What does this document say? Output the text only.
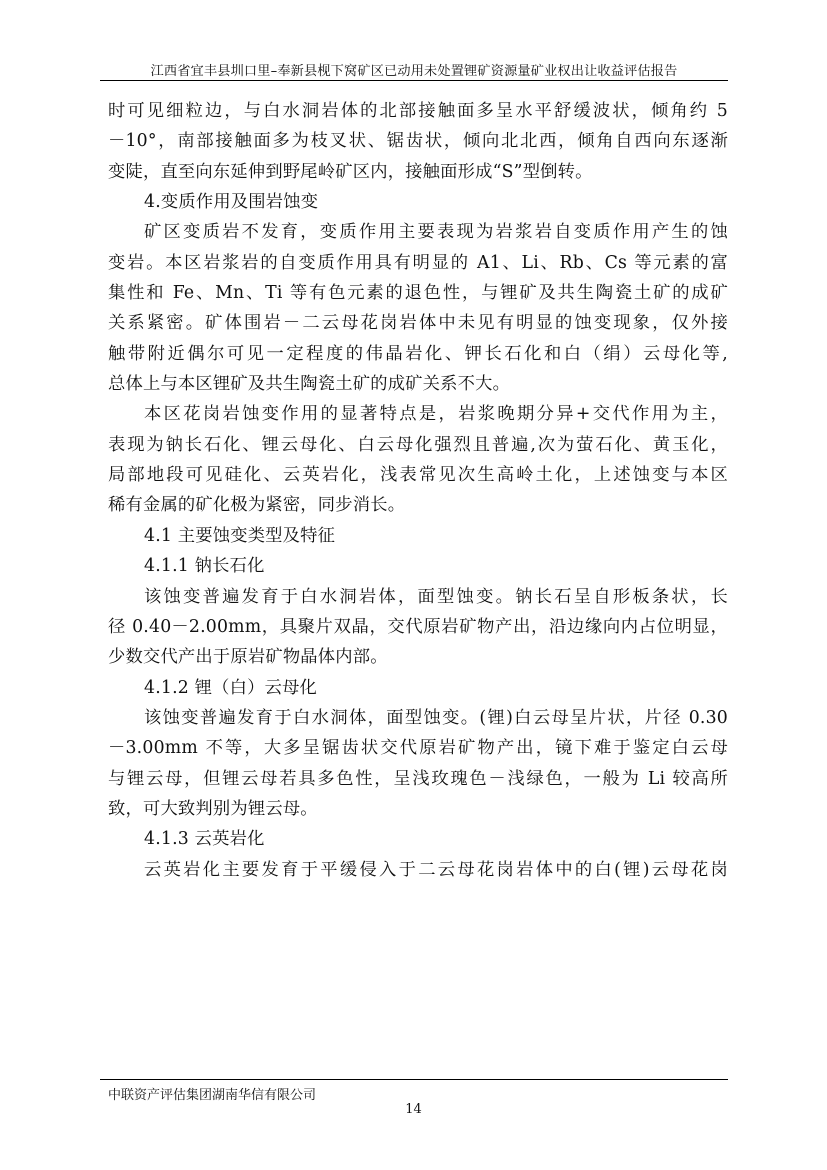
江西省宜丰县圳口里–奉新县枧下窝矿区已动用未处置锂矿资源量矿业权出让收益评估报告
时可见细粒边，与白水洞岩体的北部接触面多呈水平舒缓波状，倾角约 5
－10°，南部接触面多为枝叉状、锯齿状，倾向北北西，倾角自西向东逐渐
变陡，直至向东延伸到野尾岭矿区内，接触面形成“S”型倒转。
4.变质作用及围岩蚀变
矿区变质岩不发育，变质作用主要表现为岩浆岩自变质作用产生的蚀
变岩。本区岩浆岩的自变质作用具有明显的 A1、Li、Rb、Cs 等元素的富
集性和 Fe、Mn、Ti 等有色元素的退色性，与锂矿及共生陶瓷土矿的成矿
关系紧密。矿体围岩－二云母花岗岩体中未见有明显的蚀变现象，仅外接
触带附近偶尔可见一定程度的伟晶岩化、钾长石化和白（绢）云母化等,
总体上与本区锂矿及共生陶瓷土矿的成矿关系不大。
本区花岗岩蚀变作用的显著特点是，岩浆晚期分异+交代作用为主，
表现为钠长石化、锂云母化、白云母化强烈且普遍,次为萤石化、黄玉化，
局部地段可见硅化、云英岩化，浅表常见次生高岭土化，上述蚀变与本区
稀有金属的矿化极为紧密，同步消长。
4.1 主要蚀变类型及特征
4.1.1 钠长石化
该蚀变普遍发育于白水洞岩体，面型蚀变。钠长石呈自形板条状，长
径 0.40－2.00mm，具聚片双晶，交代原岩矿物产出，沿边缘向内占位明显，
少数交代产出于原岩矿物晶体内部。
4.1.2 锂（白）云母化
该蚀变普遍发育于白水洞体，面型蚀变。(锂)白云母呈片状，片径 0.30
－3.00mm 不等，大多呈锯齿状交代原岩矿物产出，镜下难于鉴定白云母
与锂云母，但锂云母若具多色性，呈浅玫瑰色－浅绿色，一般为 Li 较高所
致，可大致判别为锂云母。
4.1.3 云英岩化
云英岩化主要发育于平缓侵入于二云母花岗岩体中的白(锂)云母花岗
中联资产评估集团湖南华信有限公司
14
